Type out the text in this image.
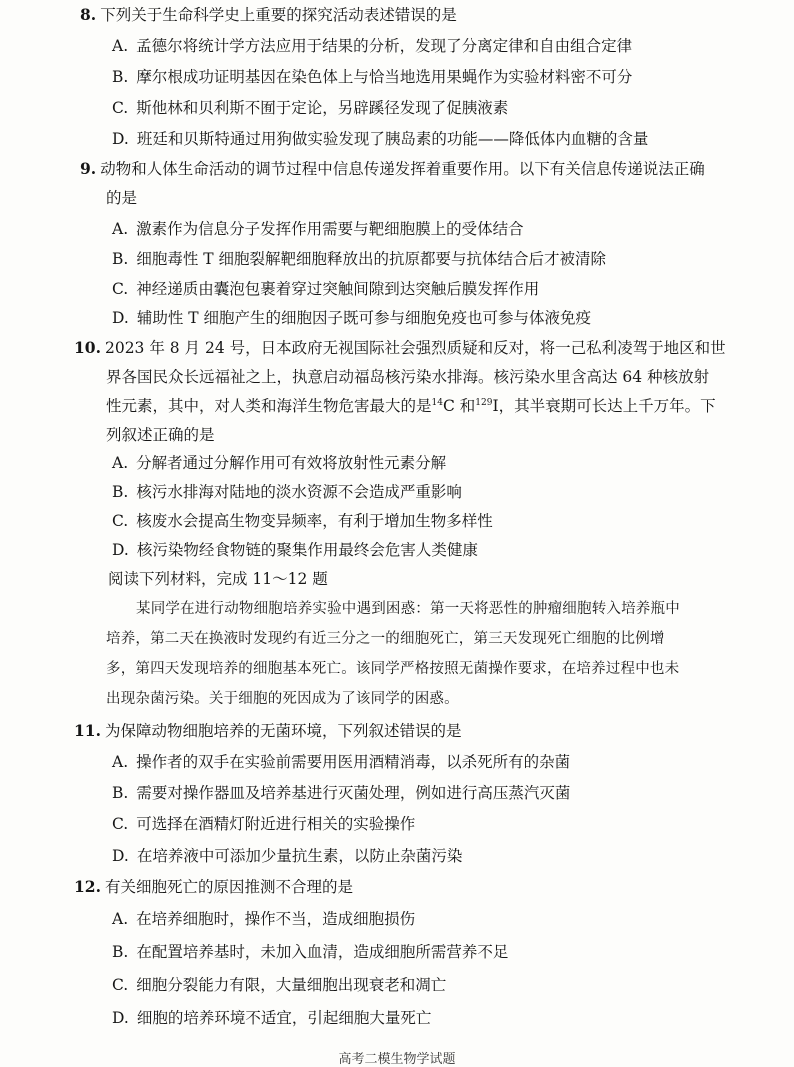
8. 下列关于生命科学史上重要的探究活动表述错误的是
A. 孟德尔将统计学方法应用于结果的分析，发现了分离定律和自由组合定律
B. 摩尔根成功证明基因在染色体上与恰当地选用果蝇作为实验材料密不可分
C. 斯他林和贝利斯不囿于定论，另辟蹊径发现了促胰液素
D. 班廷和贝斯特通过用狗做实验发现了胰岛素的功能——降低体内血糖的含量
9. 动物和人体生命活动的调节过程中信息传递发挥着重要作用。以下有关信息传递说法正确
的是
A. 激素作为信息分子发挥作用需要与靶细胞膜上的受体结合
B. 细胞毒性 T 细胞裂解靶细胞释放出的抗原都要与抗体结合后才被清除
C. 神经递质由囊泡包裹着穿过突触间隙到达突触后膜发挥作用
D. 辅助性 T 细胞产生的细胞因子既可参与细胞免疫也可参与体液免疫
10. 2023 年 8 月 24 号，日本政府无视国际社会强烈质疑和反对，将一己私利凌驾于地区和世
界各国民众长远福祉之上，执意启动福岛核污染水排海。核污染水里含高达 64 种核放射
性元素，其中，对人类和海洋生物危害最大的是$^{14}$C 和$^{129}$I，其半衰期可长达上千万年。下
列叙述正确的是
A. 分解者通过分解作用可有效将放射性元素分解
B. 核污水排海对陆地的淡水资源不会造成严重影响
C. 核废水会提高生物变异频率，有利于增加生物多样性
D. 核污染物经食物链的聚集作用最终会危害人类健康
阅读下列材料，完成 11～12 题
某同学在进行动物细胞培养实验中遇到困惑：第一天将恶性的肿瘤细胞转入培养瓶中
培养，第二天在换液时发现约有近三分之一的细胞死亡，第三天发现死亡细胞的比例增
多，第四天发现培养的细胞基本死亡。该同学严格按照无菌操作要求，在培养过程中也未
出现杂菌污染。关于细胞的死因成为了该同学的困惑。
11. 为保障动物细胞培养的无菌环境，下列叙述错误的是
A. 操作者的双手在实验前需要用医用酒精消毒，以杀死所有的杂菌
B. 需要对操作器皿及培养基进行灭菌处理，例如进行高压蒸汽灭菌
C. 可选择在酒精灯附近进行相关的实验操作
D. 在培养液中可添加少量抗生素，以防止杂菌污染
12. 有关细胞死亡的原因推测不合理的是
A. 在培养细胞时，操作不当，造成细胞损伤
B. 在配置培养基时，未加入血清，造成细胞所需营养不足
C. 细胞分裂能力有限，大量细胞出现衰老和凋亡
D. 细胞的培养环境不适宜，引起细胞大量死亡
高考二模生物学试题
